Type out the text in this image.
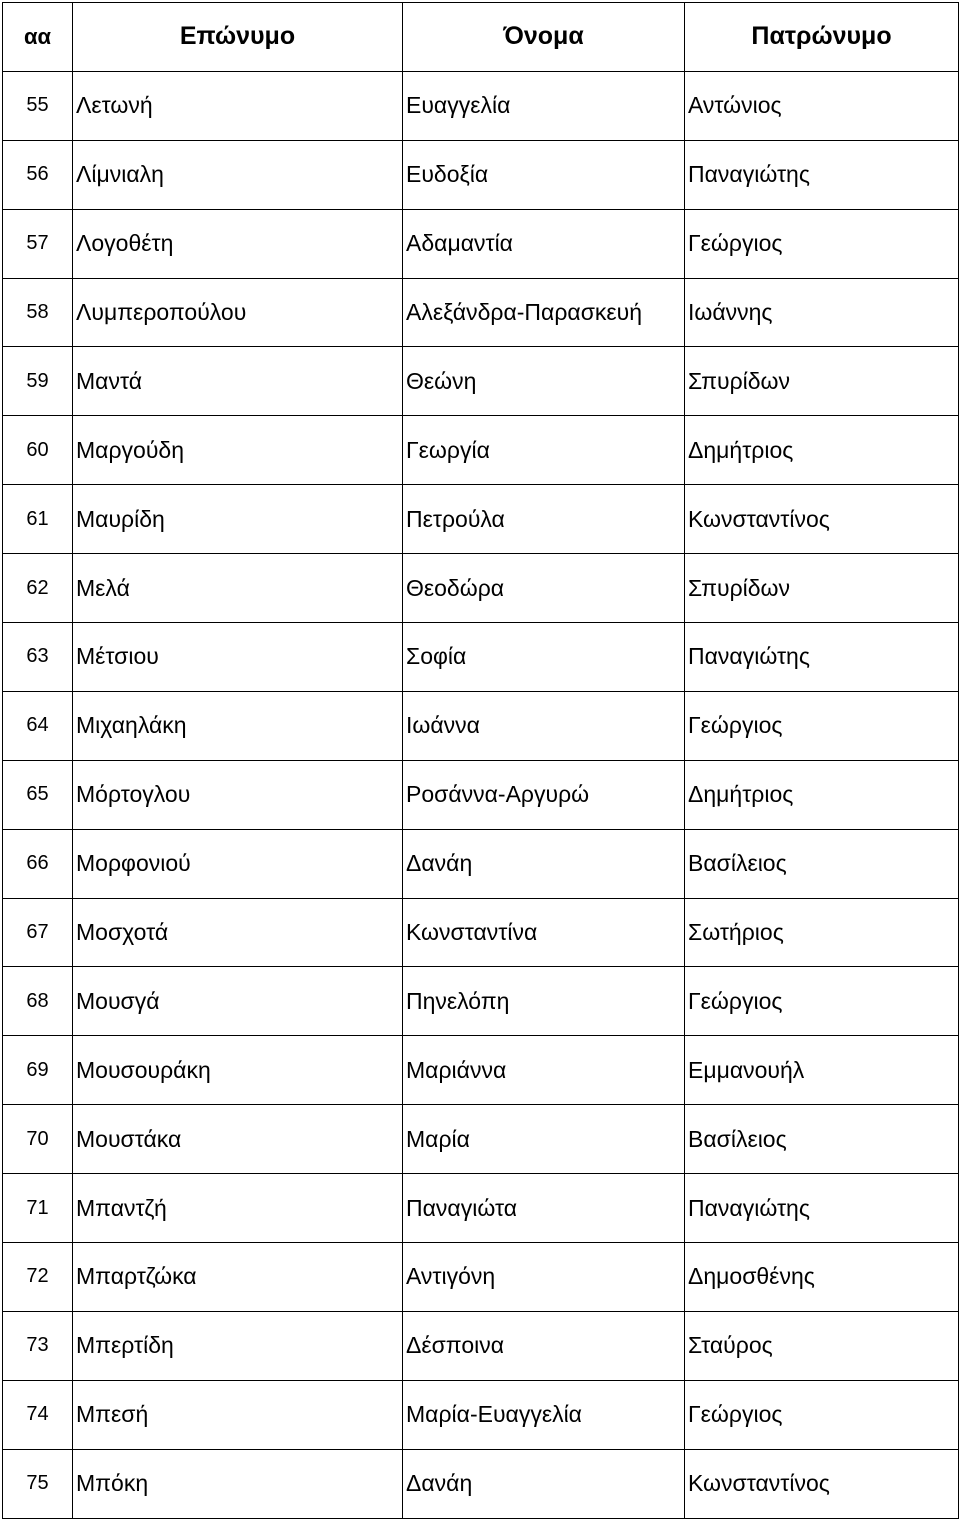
αα	Επώνυμο	Όνομα	Πατρώνυμο
55	Λετωνή	Ευαγγελία	Αντώνιος
56	Λίμνιαλη	Ευδοξία	Παναγιώτης
57	Λογοθέτη	Αδαμαντία	Γεώργιος
58	Λυμπεροπούλου	Αλεξάνδρα-Παρασκευή	Ιωάννης
59	Μαντά	Θεώνη	Σπυρίδων
60	Μαργούδη	Γεωργία	Δημήτριος
61	Μαυρίδη	Πετρούλα	Κωνσταντίνος
62	Μελά	Θεοδώρα	Σπυρίδων
63	Μέτσιου	Σοφία	Παναγιώτης
64	Μιχαηλάκη	Ιωάννα	Γεώργιος
65	Μόρτογλου	Ροσάννα-Αργυρώ	Δημήτριος
66	Μορφονιού	Δανάη	Βασίλειος
67	Μοσχοτά	Κωνσταντίνα	Σωτήριος
68	Μουσγά	Πηνελόπη	Γεώργιος
69	Μουσουράκη	Μαριάννα	Εμμανουήλ
70	Μουστάκα	Μαρία	Βασίλειος
71	Μπαντζή	Παναγιώτα	Παναγιώτης
72	Μπαρτζώκα	Αντιγόνη	Δημοσθένης
73	Μπερτίδη	Δέσποινα	Σταύρος
74	Μπεσή	Μαρία-Ευαγγελία	Γεώργιος
75	Μπόκη	Δανάη	Κωνσταντίνος
